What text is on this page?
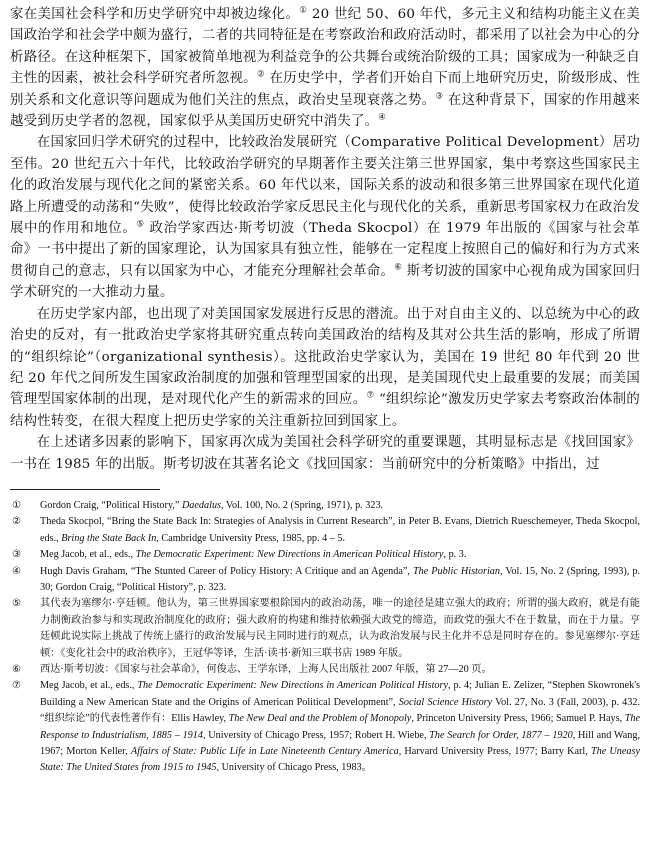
家在美国社会科学和历史学研究中却被边缘化。① 20 世纪 50、60 年代，多元主义和结构功能主义在美国政治学和社会学中颇为盛行，二者的共同特征是在考察政治和政府活动时，都采用了以社会为中心的分析路径。在这种框架下，国家被简单地视为利益竞争的公共舞台或统治阶级的工具；国家成为一种缺乏自主性的因素，被社会科学研究者所忽视。② 在历史学中，学者们开始自下而上地研究历史，阶级形成、性别关系和文化意识等问题成为他们关注的焦点，政治史呈现衰落之势。③ 在这种背景下，国家的作用越来越受到历史学者的忽视，国家似乎从美国历史研究中消失了。④

在国家回归学术研究的过程中，比较政治发展研究（Comparative Political Development）居功至伟。20 世纪五六十年代，比较政治学研究的早期著作主要关注第三世界国家，集中考察这些国家民主化的政治发展与现代化之间的紧密关系。60 年代以来，国际关系的波动和很多第三世界国家在现代化道路上所遭受的动荡和“失败”，使得比较政治学家反思民主化与现代化的关系，重新思考国家权力在政治发展中的作用和地位。⑤ 政治学家西达·斯考切波（Theda Skocpol）在 1979 年出版的《国家与社会革命》一书中提出了新的国家理论，认为国家具有独立性，能够在一定程度上按照自己的偏好和行为方式来贯彻自己的意志，只有以国家为中心，才能充分理解社会革命。⑥ 斯考切波的国家中心视角成为国家回归学术研究的一大推动力量。

在历史学家内部，也出现了对美国国家发展进行反思的潜流。出于对自由主义的、以总统为中心的政治史的反对，有一批政治史学家将其研究重点转向美国政治的结构及其对公共生活的影响，形成了所谓的“组织综论”（organizational synthesis）。这批政治史学家认为，美国在 19 世纪 80 年代到 20 世纪 20 年代之间所发生国家政治制度的加强和管理型国家的出现，是美国现代史上最重要的发展；而美国管理型国家体制的出现，是对现代化产生的新需求的回应。⑦ “组织综论”激发历史学家去考察政治体制的结构性转变，在很大程度上把历史学家的关注重新拉回到国家上。

在上述诸多因素的影响下，国家再次成为美国社会科学研究的重要课题，其明显标志是《找回国家》一书在 1985 年的出版。斯考切波在其著名论文《找回国家：当前研究中的分析策略》中指出，过

① Gordon Craig, “Political History,” Daedalus, Vol. 100, No. 2 (Spring, 1971), p. 323.
② Theda Skocpol, “Bring the State Back In: Strategies of Analysis in Current Research”, in Peter B. Evans, Dietrich Rueschemeyer, Theda Skocpol, eds., Bring the State Back In, Cambridge University Press, 1985, pp. 4 – 5.
③ Meg Jacob, et al., eds., The Democratic Experiment: New Directions in American Political History, p. 3.
④ Hugh Davis Graham, “The Stunted Career of Policy History: A Critique and an Agenda”, The Public Historian, Vol. 15, No. 2 (Spring, 1993), p. 30; Gordon Craig, “Political History”, p. 323.
⑤ 其代表为塞缪尔·亨廷顿。他认为，第三世界国家要根除国内的政治动荡，唯一的途径是建立强大的政府；所谓的强大政府，就是有能力制衡政治参与和实现政治制度化的政府；强大政府的构建和维持依赖强大政党的缔造，而政党的强大不在于数量，而在于力量。亨廷顿此说实际上挑战了传统上盛行的政治发展与民主同时进行的观点，认为政治发展与民主化并不总是同时存在的。参见塞缪尔·亨廷顿：《变化社会中的政治秩序》，王冠华等译，生活·读书·新知三联书店 1989 年版。
⑥ 西达·斯考切波：《国家与社会革命》，何俊志、王学东译，上海人民出版社 2007 年版，第 27—20 页。
⑦ Meg Jacob, et al., eds., The Democratic Experiment: New Directions in American Political History, p. 4; Julian E. Zelizer, “Stephen Skowronek's Building a New American State and the Origins of American Political Development”, Social Science History Vol. 27, No. 3 (Fall, 2003), p. 432. “组织综论”的代表性著作有：Ellis Hawley, The New Deal and the Problem of Monopoly, Princeton University Press, 1966; Samuel P. Hays, The Response to Industrialism, 1885 – 1914, University of Chicago Press, 1957; Robert H. Wiebe, The Search for Order, 1877 – 1920, Hill and Wang, 1967; Morton Keller, Affairs of State: Public Life in Late Nineteenth Century America, Harvard University Press, 1977; Barry Karl, The Uneasy State: The United States from 1915 to 1945, University of Chicago Press, 1983。
